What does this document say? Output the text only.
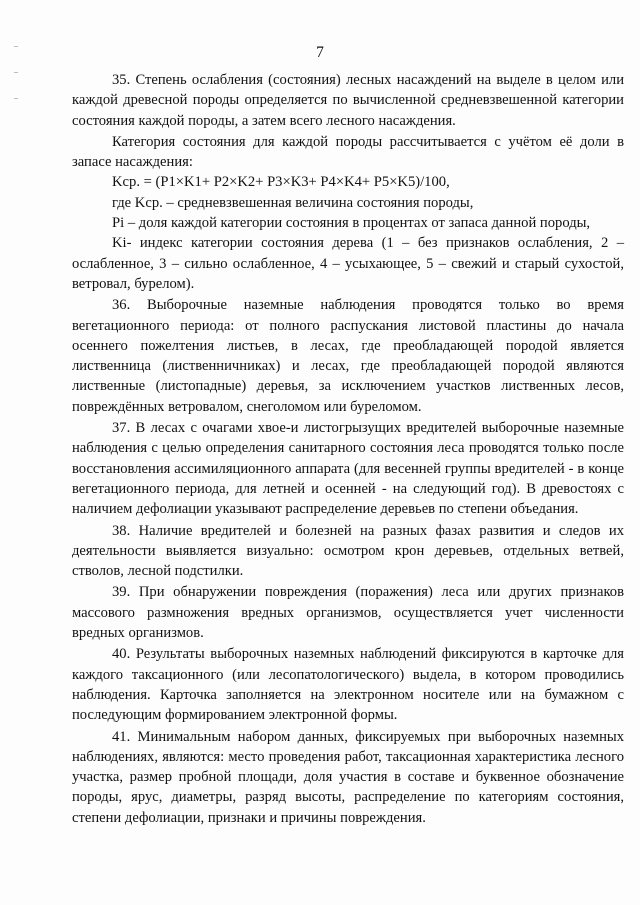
7

35. Степень ослабления (состояния) лесных насаждений на выделе в целом или каждой древесной породы определяется по вычисленной средневзвешенной категории состояния каждой породы, а затем всего лесного насаждения.

Категория состояния для каждой породы рассчитывается с учётом её доли в запасе насаждения:

Kср. = (P1×K1+ P2×K2+ P3×K3+ P4×K4+ P5×K5)/100,

где Kср. – средневзвешенная величина состояния породы,

Pi – доля каждой категории состояния в процентах от запаса данной породы,

Ki- индекс категории состояния дерева (1 – без признаков ослабления, 2 – ослабленное, 3 – сильно ослабленное, 4 – усыхающее, 5 – свежий и старый сухостой, ветровал, бурелом).

36. Выборочные наземные наблюдения проводятся только во время вегетационного периода: от полного распускания листовой пластины до начала осеннего пожелтения листьев, в лесах, где преобладающей породой является лиственница (лиственничниках) и лесах, где преобладающей породой являются лиственные (листопадные) деревья, за исключением участков лиственных лесов, повреждённых ветровалом, снеголомом или буреломом.

37. В лесах с очагами хвое-и листогрызущих вредителей выборочные наземные наблюдения с целью определения санитарного состояния леса проводятся только после восстановления ассимиляционного аппарата (для весенней группы вредителей - в конце вегетационного периода, для летней и осенней - на следующий год). В древостоях с наличием дефолиации указывают распределение деревьев по степени объедания.

38. Наличие вредителей и болезней на разных фазах развития и следов их деятельности выявляется визуально: осмотром крон деревьев, отдельных ветвей, стволов, лесной подстилки.

39. При обнаружении повреждения (поражения) леса или других признаков массового размножения вредных организмов, осуществляется учет численности вредных организмов.

40. Результаты выборочных наземных наблюдений фиксируются в карточке для каждого таксационного (или лесопатологического) выдела, в котором проводились наблюдения. Карточка заполняется на электронном носителе или на бумажном с последующим формированием электронной формы.

41. Минимальным набором данных, фиксируемых при выборочных наземных наблюдениях, являются: место проведения работ, таксационная характеристика лесного участка, размер пробной площади, доля участия в составе и буквенное обозначение породы, ярус, диаметры, разряд высоты, распределение по категориям состояния, степени дефолиации, признаки и причины повреждения.
